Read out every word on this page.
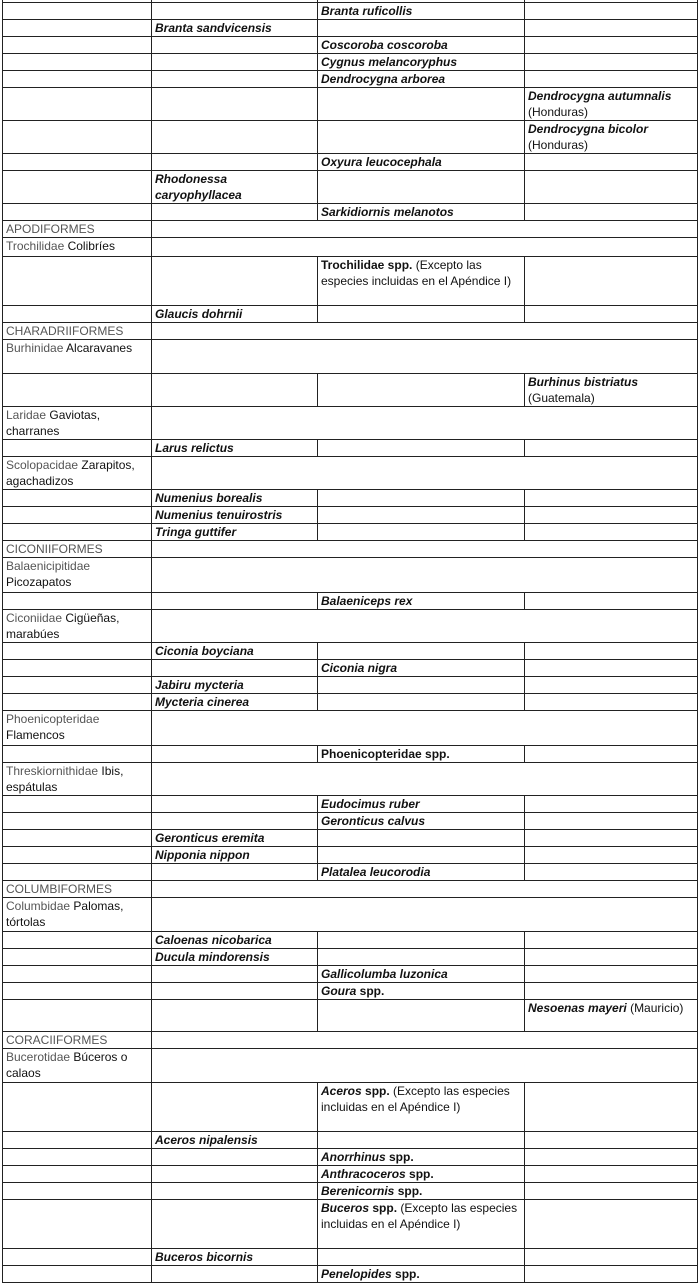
		Branta ruficollis	
	Branta sandvicensis		
		Coscoroba coscoroba	
		Cygnus melancoryphus	
		Dendrocygna arborea	
			Dendrocygna autumnalis (Honduras)
			Dendrocygna bicolor (Honduras)
		Oxyura leucocephala	
	Rhodonessa caryophyllacea		
		Sarkidiornis melanotos	
APODIFORMES			
Trochilidae Colibríes			
		Trochilidae spp. (Excepto las especies incluidas en el Apéndice I)	
	Glaucis dohrnii		
CHARADRIIFORMES			
Burhinidae Alcaravanes			
			Burhinus bistriatus (Guatemala)
Laridae Gaviotas, charranes			
	Larus relictus		
Scolopacidae Zarapitos, agachadizos			
	Numenius borealis		
	Numenius tenuirostris		
	Tringa guttifer		
CICONIIFORMES			
Balaenicipitidae Picozapatos			
		Balaeniceps rex	
Ciconiidae Cigüeñas, marabúes			
	Ciconia boyciana		
		Ciconia nigra	
	Jabiru mycteria		
	Mycteria cinerea		
Phoenicopteridae Flamencos			
		Phoenicopteridae spp.	
Threskiornithidae Ibis, espátulas			
		Eudocimus ruber	
		Geronticus calvus	
	Geronticus eremita		
	Nipponia nippon		
		Platalea leucorodia	
COLUMBIFORMES			
Columbidae Palomas, tórtolas			
	Caloenas nicobarica		
	Ducula mindorensis		
		Gallicolumba luzonica	
		Goura spp.	
			Nesoenas mayeri (Mauricio)
CORACIIFORMES			
Bucerotidae Búceros o calaos			
		Aceros spp. (Excepto las especies incluidas en el Apéndice I)	
	Aceros nipalensis		
		Anorrhinus spp.	
		Anthracoceros spp.	
		Berenicornis spp.	
		Buceros spp. (Excepto las especies incluidas en el Apéndice I)	
	Buceros bicornis		
		Penelopides spp.	
